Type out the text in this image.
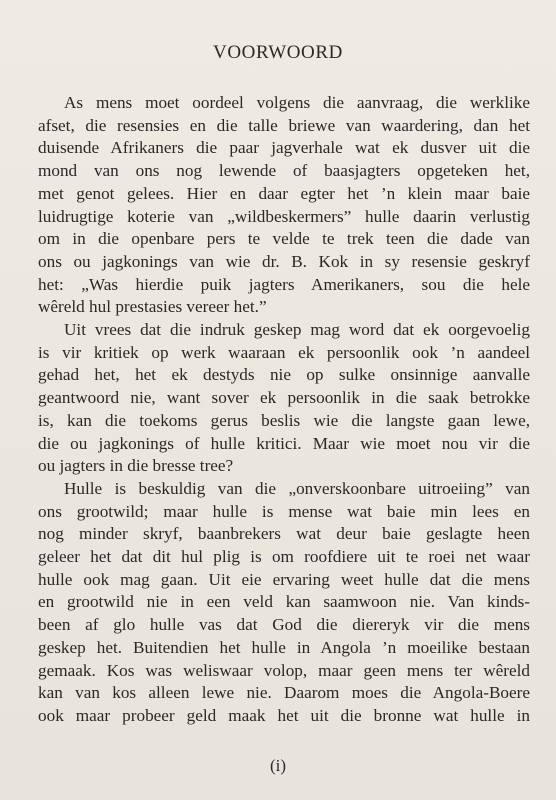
VOORWOORD
As mens moet oordeel volgens die aanvraag, die werklike
afset, die resensies en die talle briewe van waardering, dan het
duisende Afrikaners die paar jagverhale wat ek dusver uit die
mond van ons nog lewende of baasjagters opgeteken het,
met genot gelees. Hier en daar egter het ’n klein maar baie
luidrugtige koterie van „wildbeskermers” hulle daarin verlustig
om in die openbare pers te velde te trek teen die dade van
ons ou jagkonings van wie dr. B. Kok in sy resensie geskryf
het: „Was hierdie puik jagters Amerikaners, sou die hele
wêreld hul prestasies vereer het.”
Uit vrees dat die indruk geskep mag word dat ek oorgevoelig
is vir kritiek op werk waaraan ek persoonlik ook ’n aandeel
gehad het, het ek destyds nie op sulke onsinnige aanvalle
geantwoord nie, want sover ek persoonlik in die saak betrokke
is, kan die toekoms gerus beslis wie die langste gaan lewe,
die ou jagkonings of hulle kritici. Maar wie moet nou vir die
ou jagters in die bresse tree?
Hulle is beskuldig van die „onverskoonbare uitroeiing” van
ons grootwild; maar hulle is mense wat baie min lees en
nog minder skryf, baanbrekers wat deur baie geslagte heen
geleer het dat dit hul plig is om roofdiere uit te roei net waar
hulle ook mag gaan. Uit eie ervaring weet hulle dat die mens
en grootwild nie in een veld kan saamwoon nie. Van kinds-
been af glo hulle vas dat God die diereryk vir die mens
geskep het. Buitendien het hulle in Angola ’n moeilike bestaan
gemaak. Kos was weliswaar volop, maar geen mens ter wêreld
kan van kos alleen lewe nie. Daarom moes die Angola-Boere
ook maar probeer geld maak het uit die bronne wat hulle in
(i)
